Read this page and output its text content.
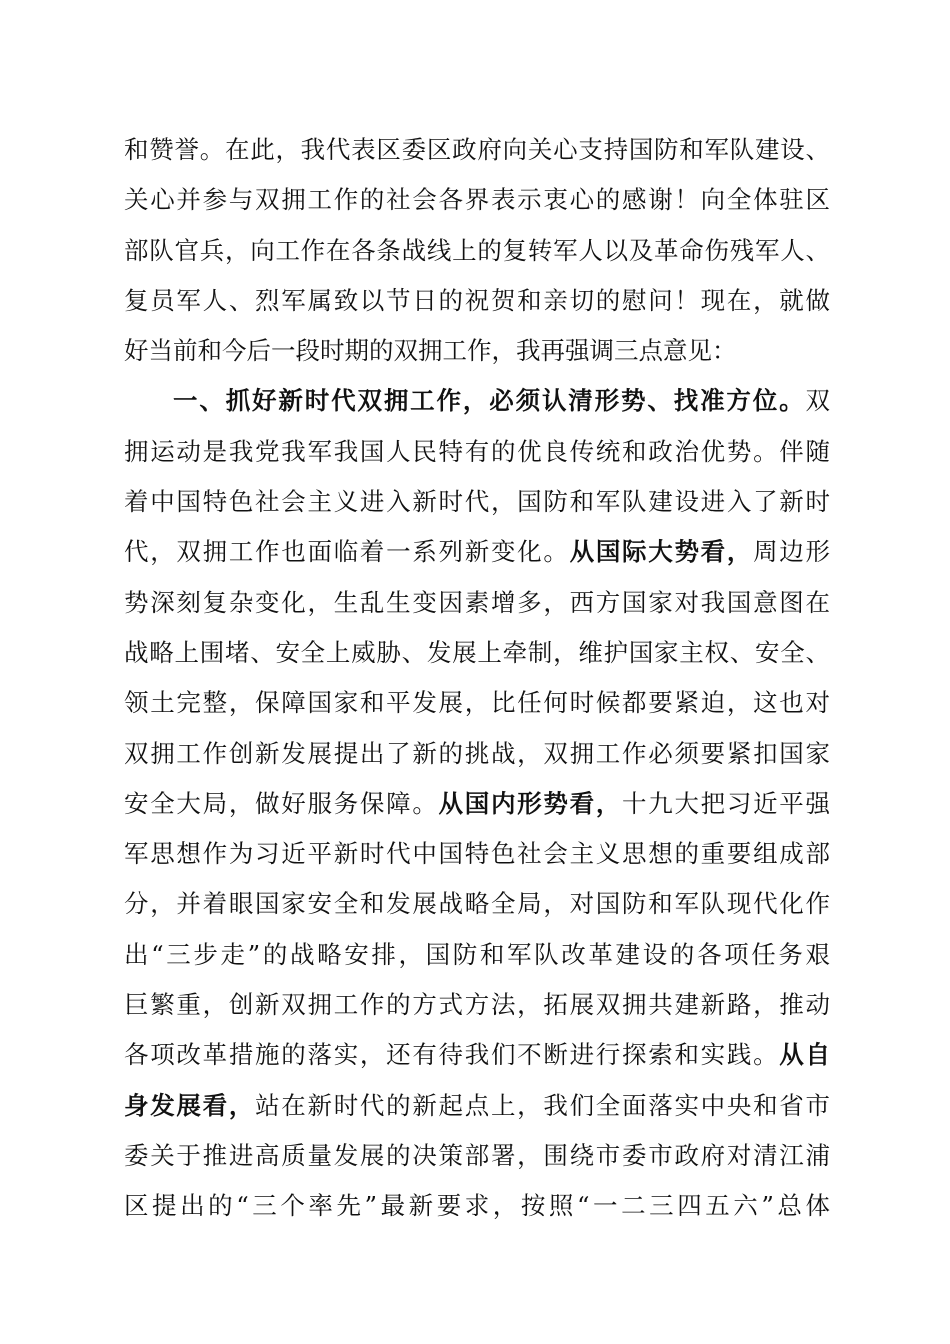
和赞誉。在此，我代表区委区政府向关心支持国防和军队建设、
关心并参与双拥工作的社会各界表示衷心的感谢！向全体驻区
部队官兵，向工作在各条战线上的复转军人以及革命伤残军人、
复员军人、烈军属致以节日的祝贺和亲切的慰问！现在，就做
好当前和今后一段时期的双拥工作，我再强调三点意见：
一、抓好新时代双拥工作，必须认清形势、找准方位。双
拥运动是我党我军我国人民特有的优良传统和政治优势。伴随
着中国特色社会主义进入新时代，国防和军队建设进入了新时
代，双拥工作也面临着一系列新变化。从国际大势看，周边形
势深刻复杂变化，生乱生变因素增多，西方国家对我国意图在
战略上围堵、安全上威胁、发展上牵制，维护国家主权、安全、
领土完整，保障国家和平发展，比任何时候都要紧迫，这也对
双拥工作创新发展提出了新的挑战，双拥工作必须要紧扣国家
安全大局，做好服务保障。从国内形势看，十九大把习近平强
军思想作为习近平新时代中国特色社会主义思想的重要组成部
分，并着眼国家安全和发展战略全局，对国防和军队现代化作
出“三步走”的战略安排，国防和军队改革建设的各项任务艰
巨繁重，创新双拥工作的方式方法，拓展双拥共建新路，推动
各项改革措施的落实，还有待我们不断进行探索和实践。从自
身发展看，站在新时代的新起点上，我们全面落实中央和省市
委关于推进高质量发展的决策部署，围绕市委市政府对清江浦
区提出的“三个率先”最新要求，按照“一二三四五六”总体
